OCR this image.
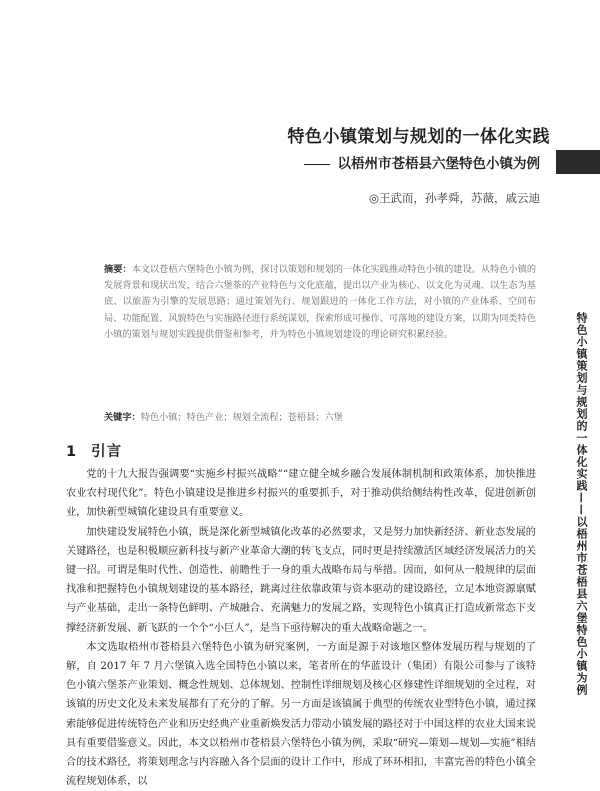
特色小镇策划与规划的一体化实践
以梧州市苍梧县六堡特色小镇为例
◎王武而，孙孝舜，苏薇，戚云迪
摘要：本文以苍梧六堡特色小镇为例，探讨以策划和规划的一体化实践推动特色小镇的建设。从特色小镇的发展背景和现状出发，结合六堡茶的产业特色与文化底蕴，提出以产业为核心、以文化为灵魂、以生态为基底、以旅游为引擎的发展思路；通过策划先行、规划跟进的一体化工作方法，对小镇的产业体系、空间布局、功能配置、风貌特色与实施路径进行系统谋划，探索形成可操作、可落地的建设方案，以期为同类特色小镇的策划与规划实践提供借鉴和参考，并为特色小镇规划建设的理论研究积累经验。
关键字：特色小镇；特色产业；规划全流程；苍梧县；六堡
1 引言

党的十九大报告强调要“实施乡村振兴战略”“建立健全城乡融合发展体制机制和政策体系，加快推进农业农村现代化”。特色小镇建设是推进乡村振兴的重要抓手，对于推动供给侧结构性改革，促进创新创业，加快新型城镇化建设具有重要意义。

加快建设发展特色小镇，既是深化新型城镇化改革的必然要求，又是努力加快新经济、新业态发展的关键路径，也是积极顺应新科技与新产业革命大潮的转飞支点，同时更是持续激活区域经济发展活力的关键一招。可谓是集时代性、创造性、前瞻性于一身的重大战略布局与举措。因而，如何从一般规律的层面找准和把握特色小镇规划建设的基本路径，跳离过往依靠政策与资本驱动的建设路径，立足本地资源禀赋与产业基础，走出一条特色鲜明、产城融合、充满魅力的发展之路，实现特色小镇真正打造成新常态下支撑经济新发展、新飞跃的一个个“小巨人”，是当下亟待解决的重大战略命题之一。

本文选取梧州市苍梧县六堡特色小镇为研究案例，一方面是源于对该地区整体发展历程与规划的了解，自 2017 年 7 月六堡镇入选全国特色小镇以来，笔者所在的华蓝设计（集团）有限公司参与了该特色小镇六堡茶产业策划、概念性规划、总体规划、控制性详细规划及核心区修建性详细规划的全过程，对该镇的历史文化及未来发展都有了充分的了解。另一方面是该镇属于典型的传统农业型特色小镇，通过探索能够促进传统特色产业和历史经典产业重新焕发活力带动小镇发展的路径对于中国这样的农业大国来说具有重要借鉴意义。因此，本文以梧州市苍梧县六堡特色小镇为例，采取“研究—策划—规划—实施”相结合的技术路径，将策划理念与内容融入各个层面的设计工作中，形成了环环相扣，丰富完善的特色小镇全流程规划体系，以

特色小镇策划与规划的一体化实践——以梧州市苍梧县六堡特色小镇为例
